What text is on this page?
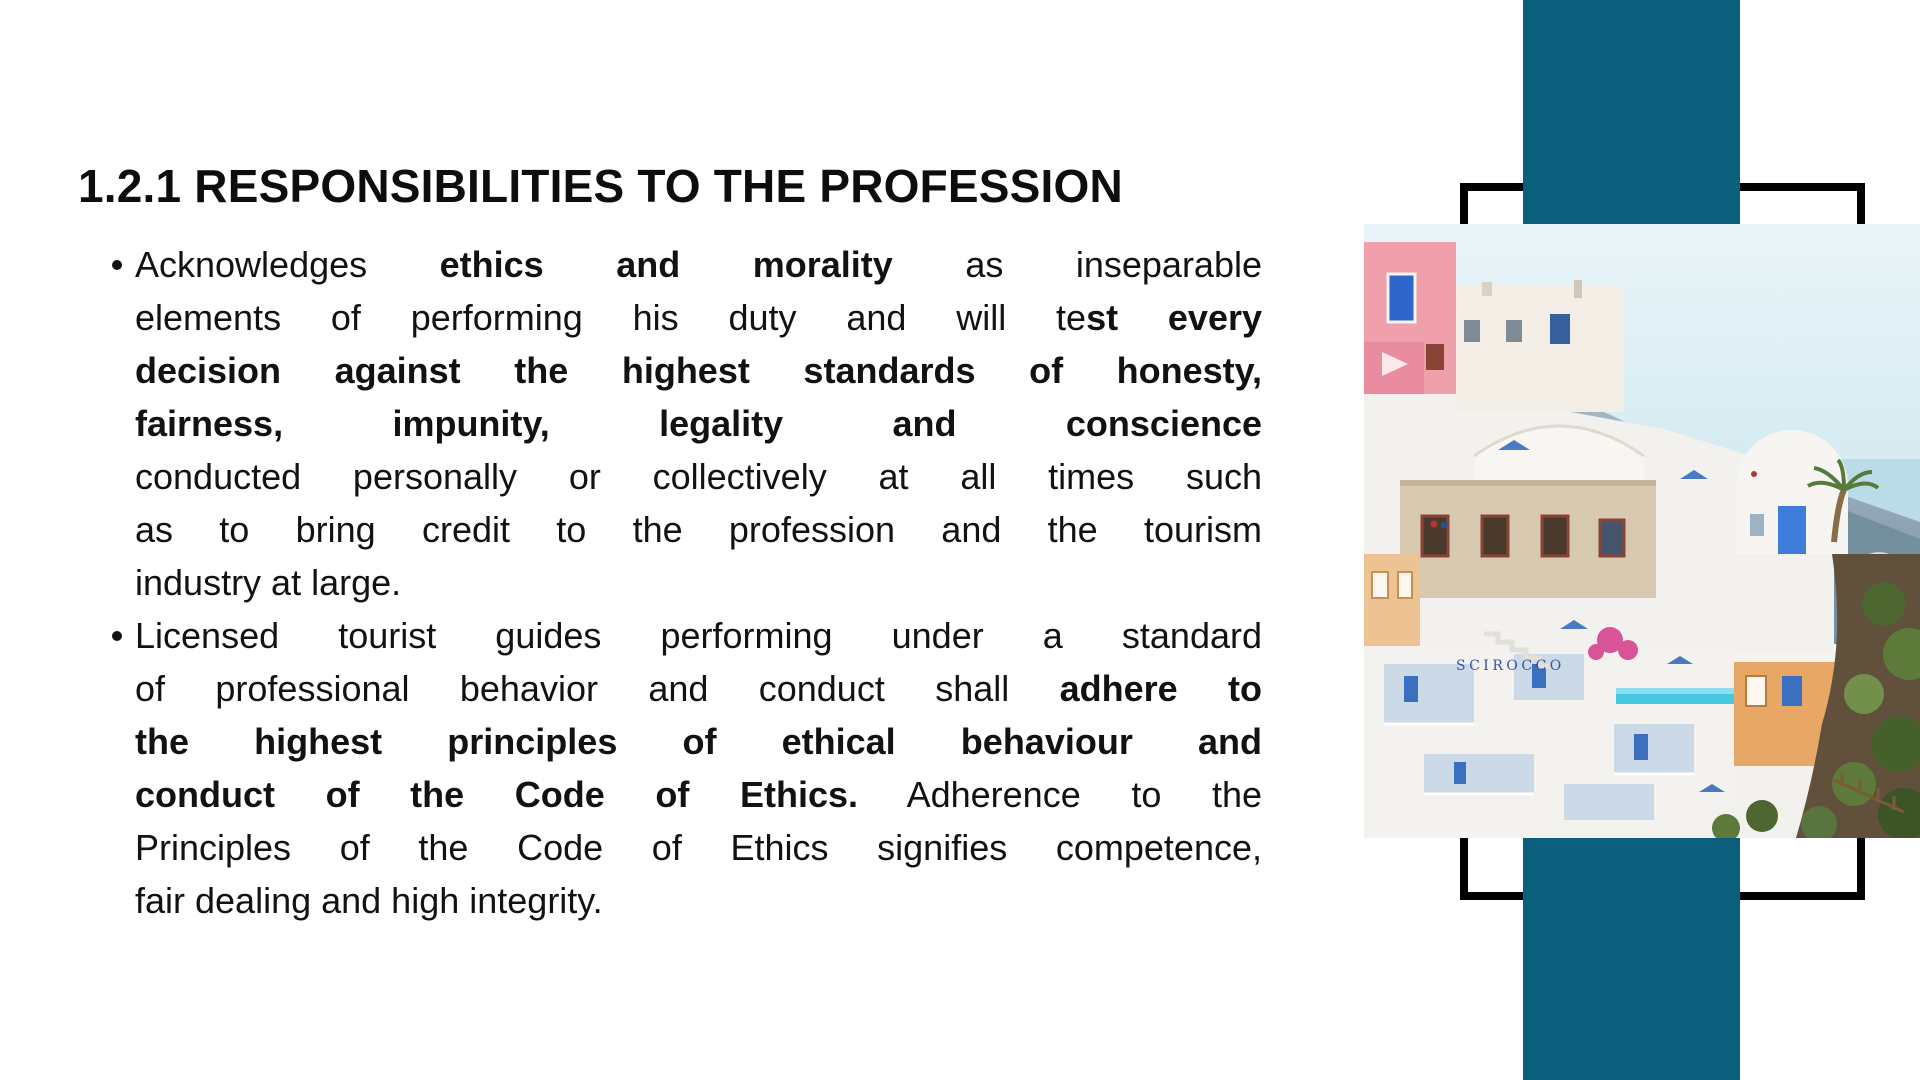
SCIROCCO
1.2.1 RESPONSIBILITIES TO THE PROFESSION
Acknowledges ethics and morality as inseparable
elements of performing his duty and will test every
decision against the highest standards of honesty,
fairness, impunity, legality and conscience
conducted personally or collectively at all times such
as to bring credit to the profession and the tourism
industry at large.
Licensed tourist guides performing under a standard
of professional behavior and conduct shall adhere to
the highest principles of ethical behaviour and
conduct of the Code of Ethics. Adherence to the
Principles of the Code of Ethics signifies competence,
fair dealing and high integrity.
